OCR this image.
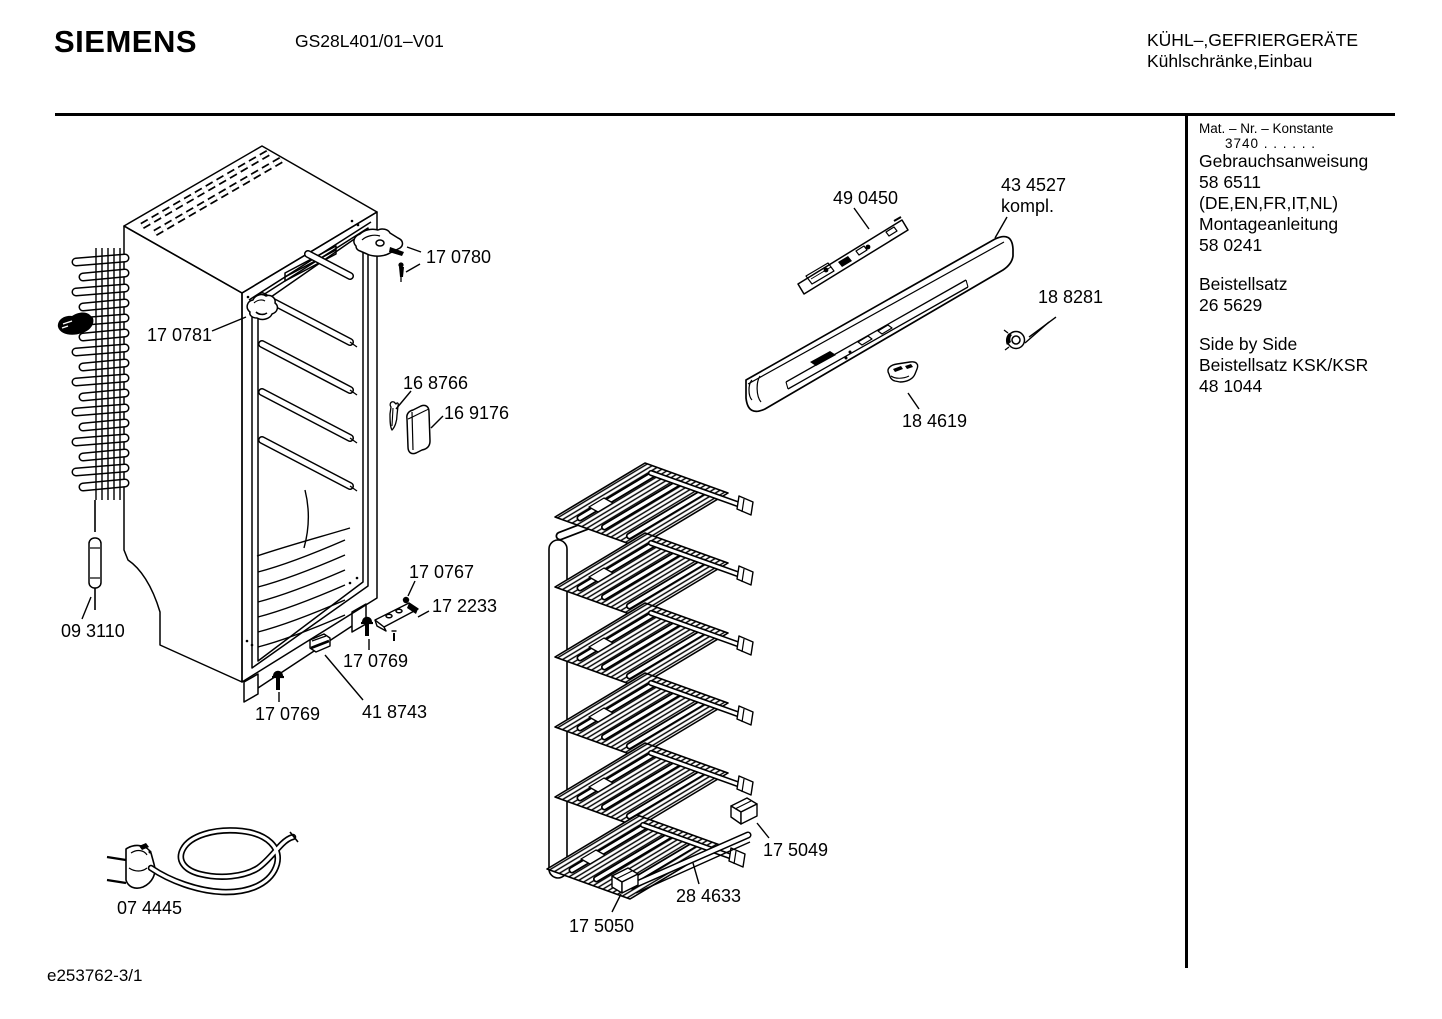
SIEMENS	GS28L401/01–V01	KÜHL–,GEFRIERGERÄTE
Kühlschränke,Einbau
Mat. – Nr. – Konstante
3740 . . . . . .
Gebrauchsanweisung
58 6511
(DE,EN,FR,IT,NL)
Montageanleitung
58 0241
Beistellsatz
26 5629
Side by Side
Beistellsatz KSK/KSR
48 1044
17 0780
17 0781
16 8766
16 9176
49 0450
43 4527
kompl.
18 8281
18 4619
17 0767
17 2233
17 0769
09 3110
17 0769 41 8743
07 4445
17 5049
28 4633
17 5050
e253762-3/1
